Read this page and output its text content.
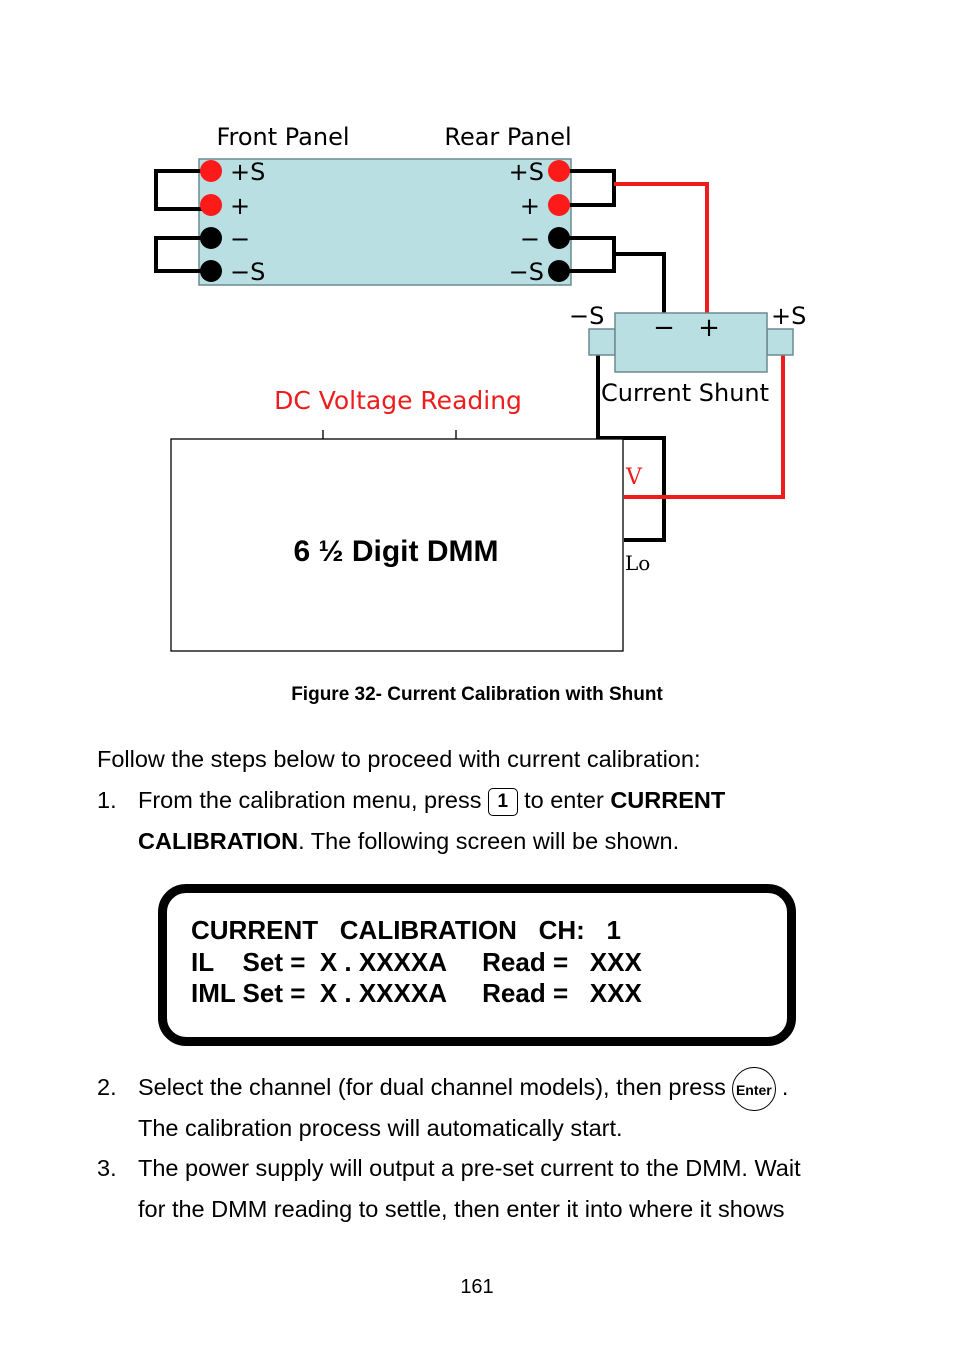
+S
+
−
−S
+S
+
−
−S
Front Panel	Rear Panel
− +
−S	+S
Current Shunt
DC Voltage Reading
V
Lo
6 ½ Digit DMM
Figure 32- Current Calibration with Shunt
Follow the steps below to proceed with current calibration:
1. From the calibration menu, press 1 to enter CURRENT
CALIBRATION. The following screen will be shown.
CURRENT   CALIBRATION   CH:   1
IL    Set =  X . XXXXA     Read =   XXX
IML Set =  X . XXXXA     Read =   XXX
2. Select the channel (for dual channel models), then press Enter .
The calibration process will automatically start.
3. The power supply will output a pre-set current to the DMM. Wait
for the DMM reading to settle, then enter it into where it shows
161
